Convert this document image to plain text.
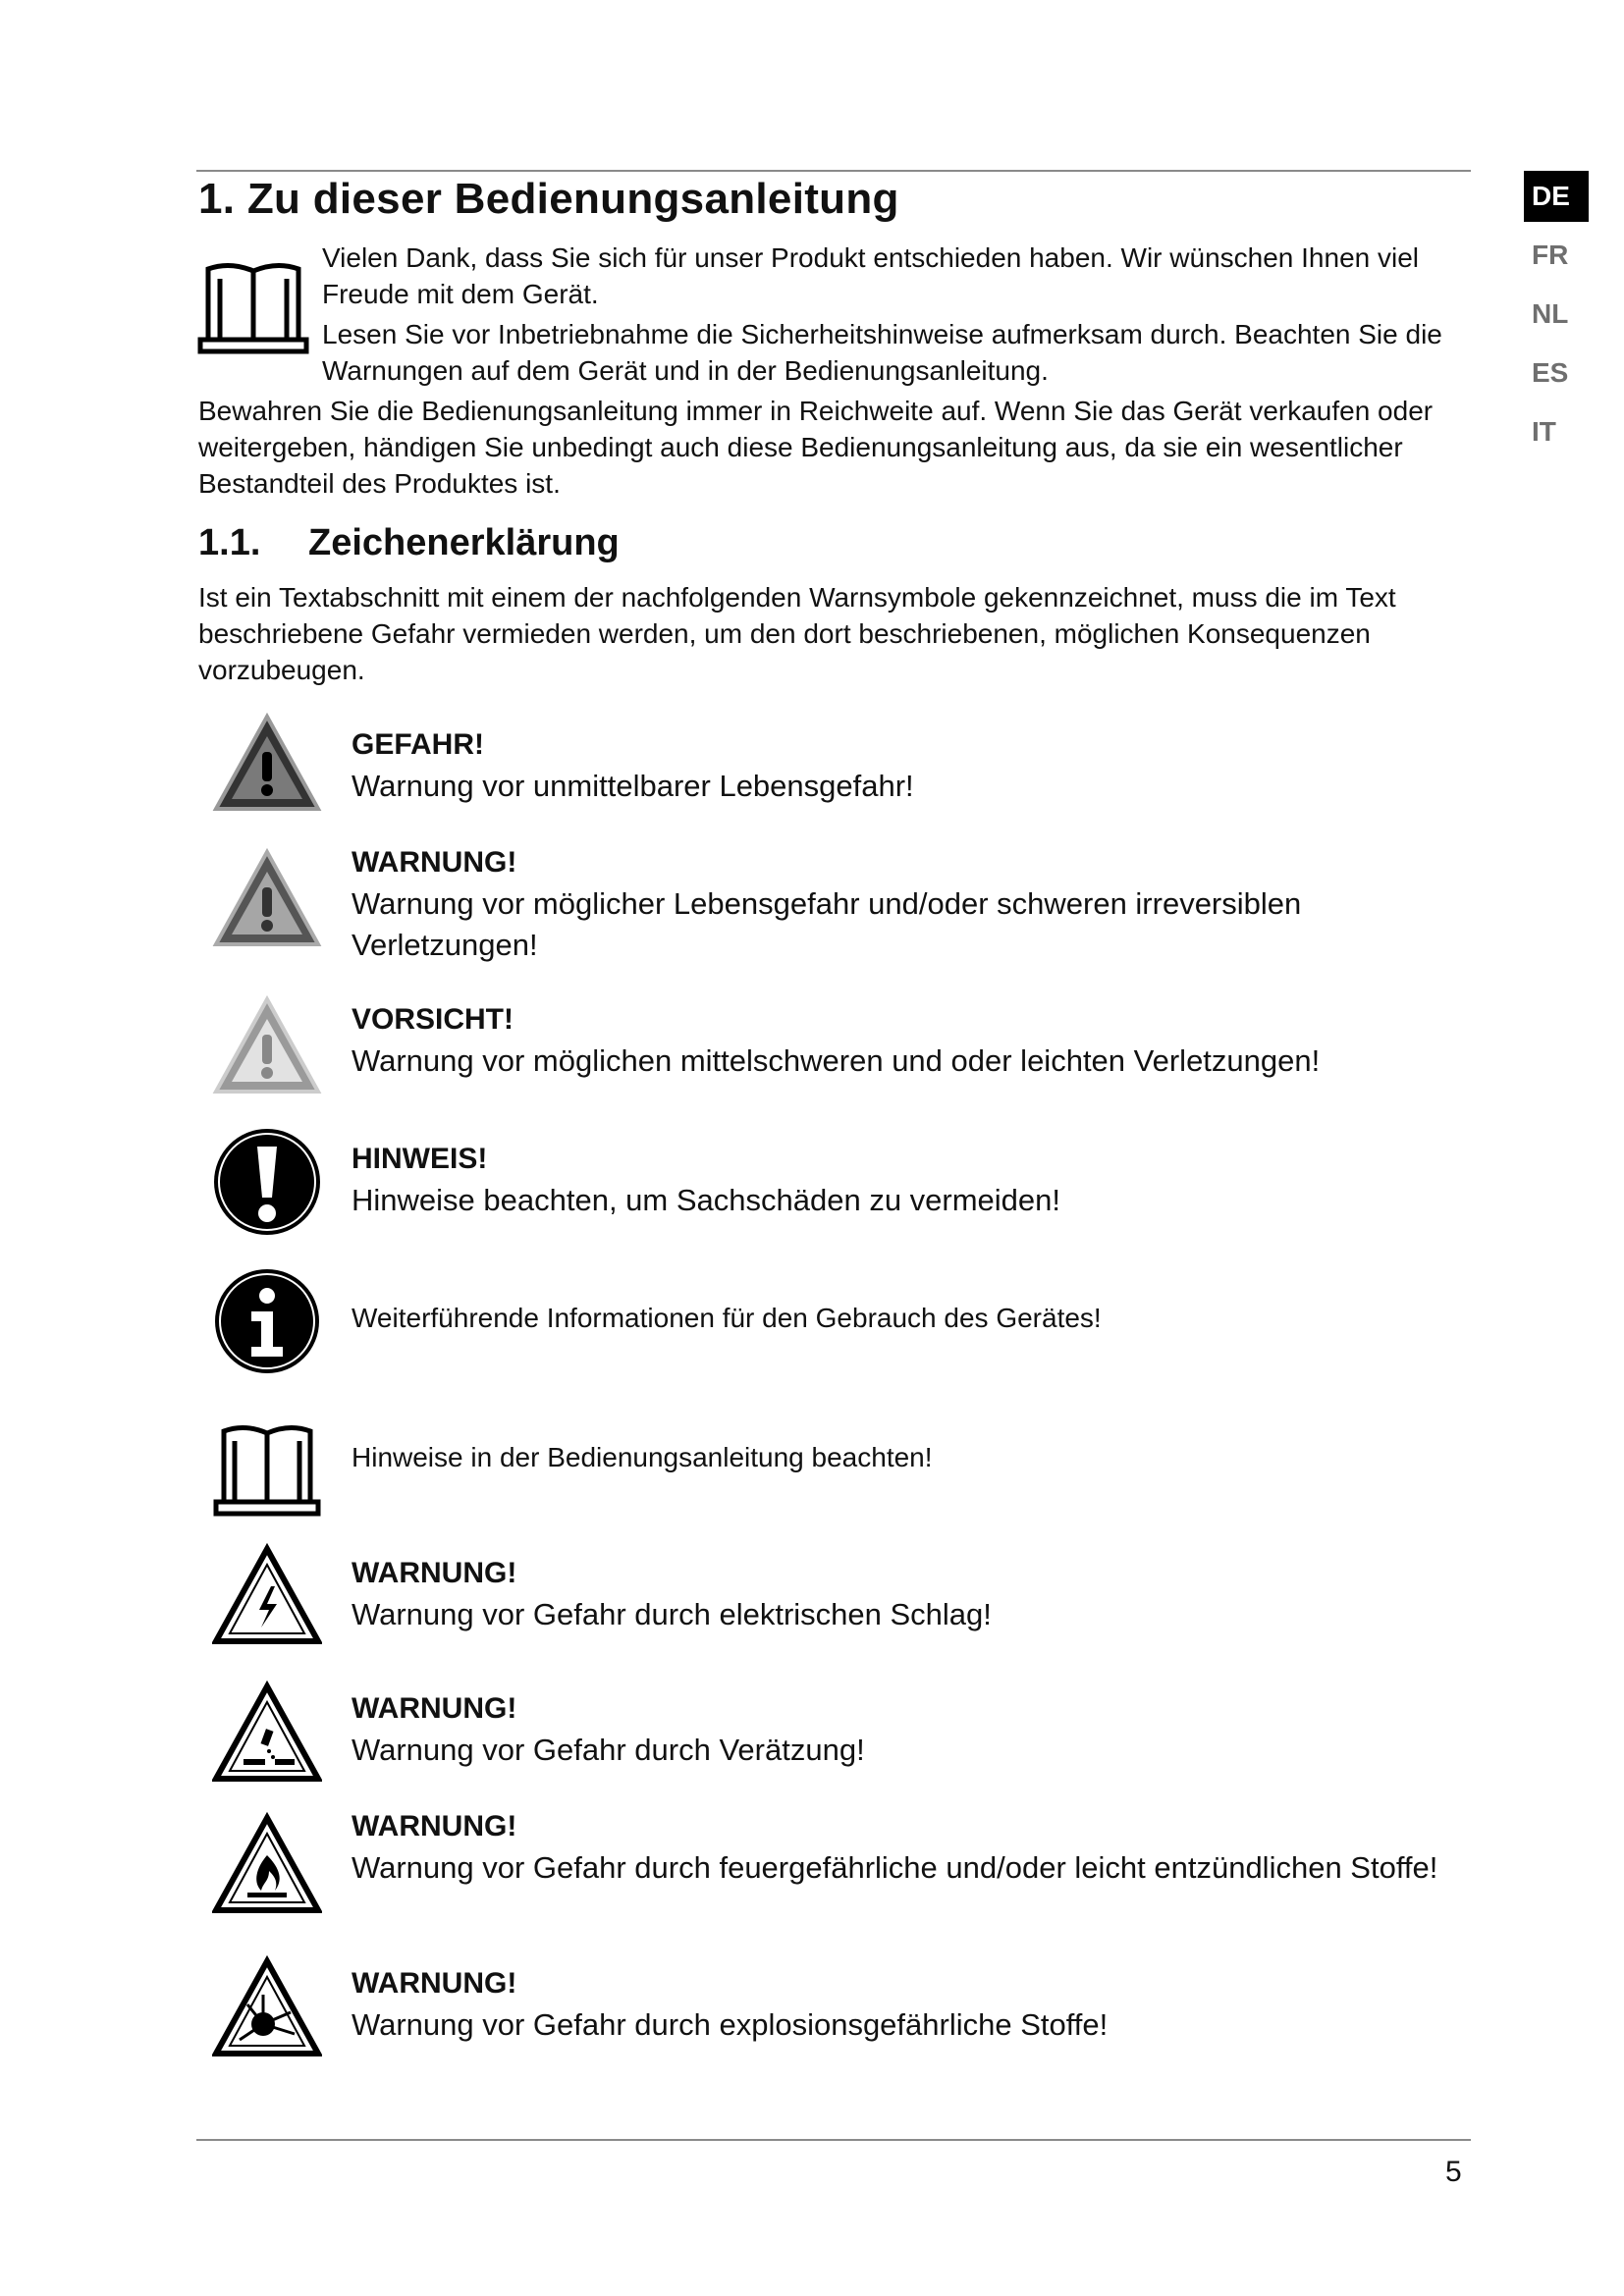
DE
FR
NL
ES
IT
1. Zu dieser Bedienungsanleitung

Vielen Dank, dass Sie sich für unser Produkt entschieden haben. Wir wünschen Ihnen viel Freude mit dem Gerät.

Lesen Sie vor Inbetriebnahme die Sicherheitshinweise aufmerksam durch. Beachten Sie die Warnungen auf dem Gerät und in der Bedienungsanleitung.

Bewahren Sie die Bedienungsanleitung immer in Reichweite auf. Wenn Sie das Gerät verkaufen oder weitergeben, händigen Sie unbedingt auch diese Bedienungsanleitung aus, da sie ein wesentlicher Bestandteil des Produktes ist.

1.1. Zeichenerklärung

Ist ein Textabschnitt mit einem der nachfolgenden Warnsymbole gekennzeichnet, muss die im Text beschriebene Gefahr vermieden werden, um den dort beschriebenen, möglichen Konsequenzen vorzubeugen.

GEFAHR!
Warnung vor unmittelbarer Lebensgefahr!
WARNUNG!
Warnung vor möglicher Lebensgefahr und/oder schweren irreversiblen Verletzungen!
VORSICHT!
Warnung vor möglichen mittelschweren und oder leichten Verletzungen!
HINWEIS!
Hinweise beachten, um Sachschäden zu vermeiden!
Weiterführende Informationen für den Gebrauch des Gerätes!
Hinweise in der Bedienungsanleitung beachten!
WARNUNG!
Warnung vor Gefahr durch elektrischen Schlag!
WARNUNG!
Warnung vor Gefahr durch Verätzung!
WARNUNG!
Warnung vor Gefahr durch feuergefährliche und/oder leicht entzündlichen Stoffe!
WARNUNG!
Warnung vor Gefahr durch explosionsgefährliche Stoffe!
5
